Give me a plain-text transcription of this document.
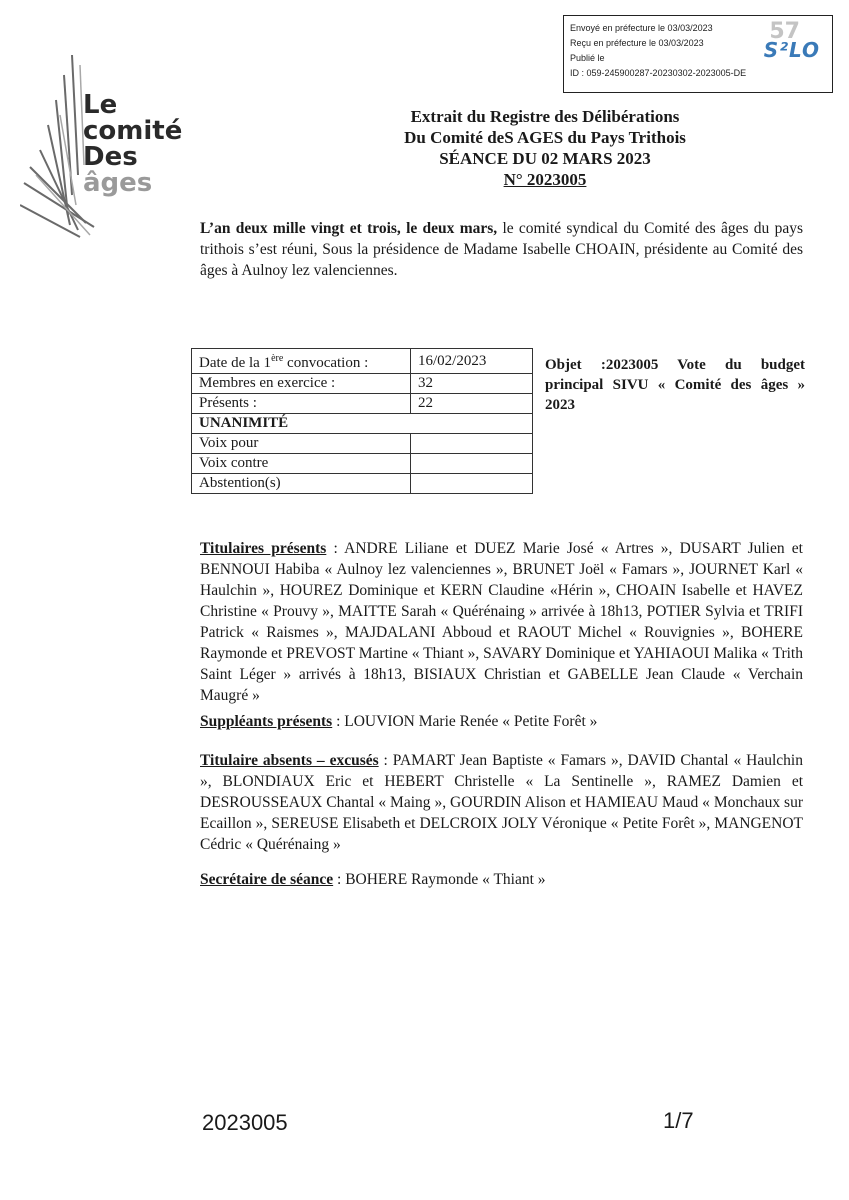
Envoyé en préfecture le 03/03/2023
Reçu en préfecture le 03/03/2023
Publié le
ID : 059-245900287-20230302-2023005-DE
57
S²LO
Le
comité
Des
âges
Extrait du Registre des Délibérations
Du Comité deS AGES du Pays Trithois
SÉANCE DU 02 MARS 2023
N° 2023005
L’an deux mille vingt et trois, le deux mars, le comité syndical du Comité des âges du pays trithois s’est réuni, Sous la présidence de Madame Isabelle CHOAIN, présidente au Comité des âges à Aulnoy lez valenciennes.
Date de la 1ère convocation :	16/02/2023
Membres en exercice :	32
Présents :	22
UNANIMITÉ	
Voix pour	
Voix contre	
Abstention(s)	
Objet :2023005 Vote du budget principal SIVU « Comité des âges » 2023
Titulaires présents : ANDRE Liliane et DUEZ Marie José « Artres », DUSART Julien et BENNOUI Habiba « Aulnoy lez valenciennes », BRUNET Joël « Famars », JOURNET Karl « Haulchin », HOUREZ Dominique et KERN Claudine «Hérin », CHOAIN Isabelle et HAVEZ Christine « Prouvy », MAITTE Sarah « Quérénaing » arrivée à 18h13, POTIER Sylvia et TRIFI Patrick « Raismes », MAJDALANI Abboud et RAOUT Michel « Rouvignies », BOHERE Raymonde et PREVOST Martine « Thiant », SAVARY Dominique et YAHIAOUI Malika « Trith Saint Léger » arrivés à 18h13, BISIAUX Christian et GABELLE Jean Claude « Verchain Maugré »
Suppléants présents : LOUVION Marie Renée « Petite Forêt »
Titulaire absents – excusés : PAMART Jean Baptiste « Famars », DAVID Chantal « Haulchin », BLONDIAUX Eric et HEBERT Christelle « La Sentinelle », RAMEZ Damien et DESROUSSEAUX Chantal « Maing », GOURDIN Alison et HAMIEAU Maud « Monchaux sur Ecaillon », SEREUSE Elisabeth et DELCROIX JOLY Véronique « Petite Forêt », MANGENOT Cédric « Quérénaing »
Secrétaire de séance : BOHERE Raymonde « Thiant »
2023005	1/7
